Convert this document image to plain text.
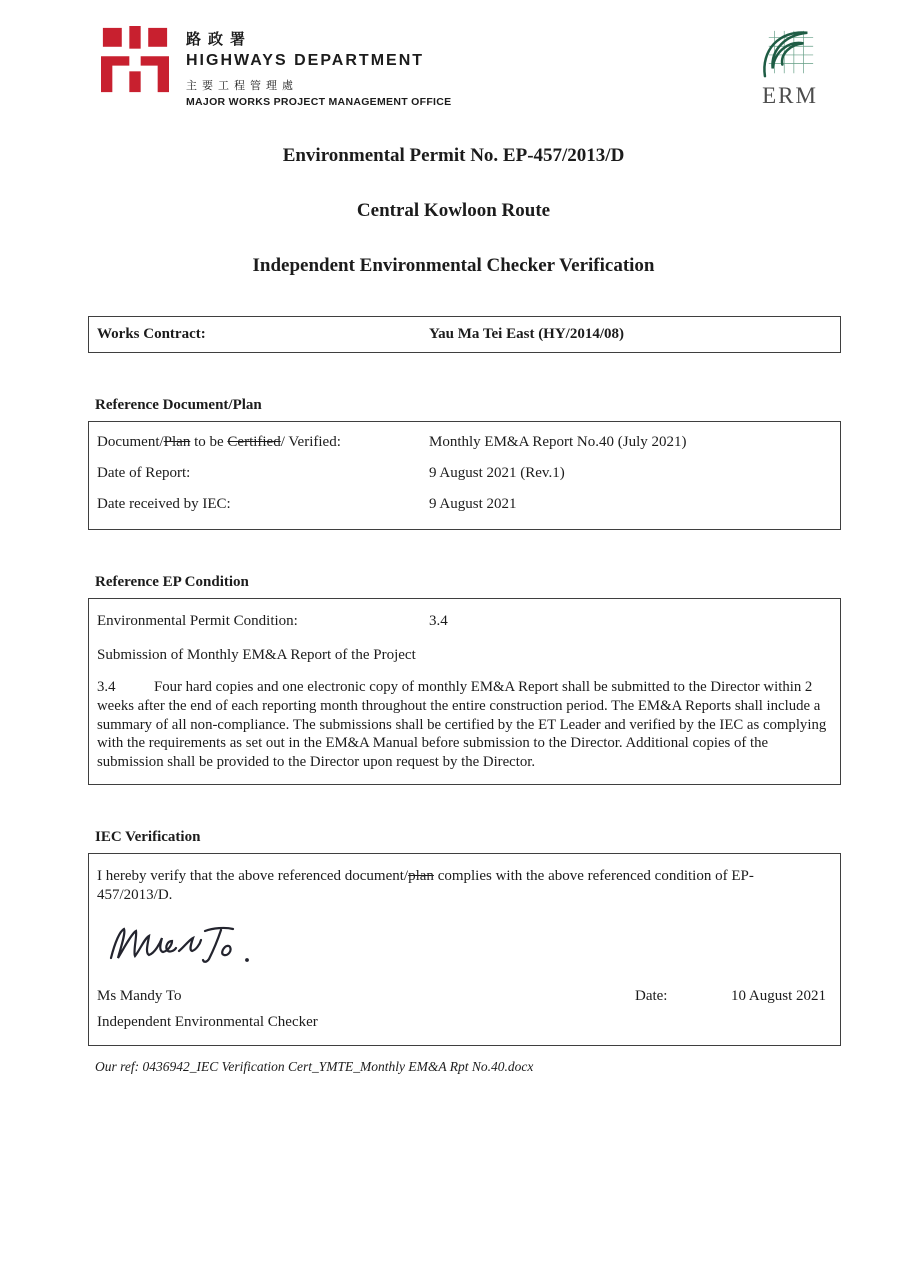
路政署
HIGHWAYS DEPARTMENT
主要工程管理處
MAJOR WORKS PROJECT MANAGEMENT OFFICE	ERM
Environmental Permit No. EP-457/2013/D
Central Kowloon Route
Independent Environmental Checker Verification
Works Contract:	Yau Ma Tei East (HY/2014/08)
Reference Document/Plan
Document/Plan to be Certified/ Verified:	Monthly EM&A Report No.40 (July 2021)
Date of Report:	9 August 2021 (Rev.1)
Date received by IEC:	9 August 2021
Reference EP Condition
Environmental Permit Condition:	3.4
Submission of Monthly EM&A Report of the Project
3.4	Four hard copies and one electronic copy of monthly EM&A Report shall be submitted to the Director within 2 weeks after the end of each reporting month throughout the entire construction period. The EM&A Reports shall include a summary of all non-compliance. The submissions shall be certified by the ET Leader and verified by the IEC as complying with the requirements as set out in the EM&A Manual before submission to the Director. Additional copies of the submission shall be provided to the Director upon request by the Director.
IEC Verification
I hereby verify that the above referenced document/plan complies with the above referenced condition of EP-457/2013/D.
Ms Mandy To	Date:	10 August 2021
Independent Environmental Checker
Our ref: 0436942_IEC Verification Cert_YMTE_Monthly EM&A Rpt No.40.docx
